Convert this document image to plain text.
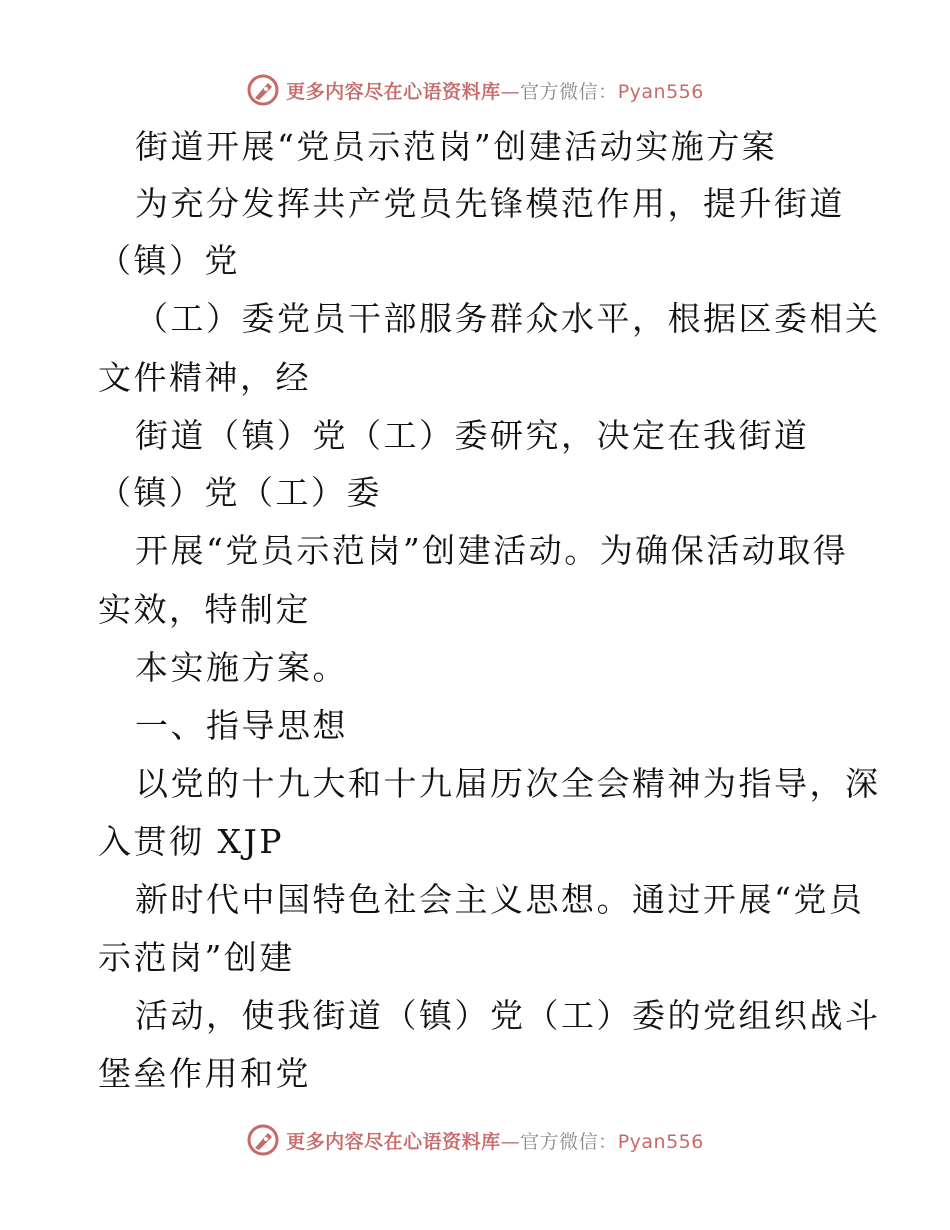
更多内容尽在心语资料库—官方微信：Pyan556
街道开展“党员示范岗”创建活动实施方案
为充分发挥共产党员先锋模范作用，提升街道
（镇）党
（工）委党员干部服务群众水平，根据区委相关
文件精神，经
街道（镇）党（工）委研究，决定在我街道
（镇）党（工）委
开展“党员示范岗”创建活动。为确保活动取得
实效，特制定
本实施方案。
一、指导思想
以党的十九大和十九届历次全会精神为指导，深
入贯彻 XJP
新时代中国特色社会主义思想。通过开展“党员
示范岗”创建
活动，使我街道（镇）党（工）委的党组织战斗
堡垒作用和党
更多内容尽在心语资料库—官方微信：Pyan556
